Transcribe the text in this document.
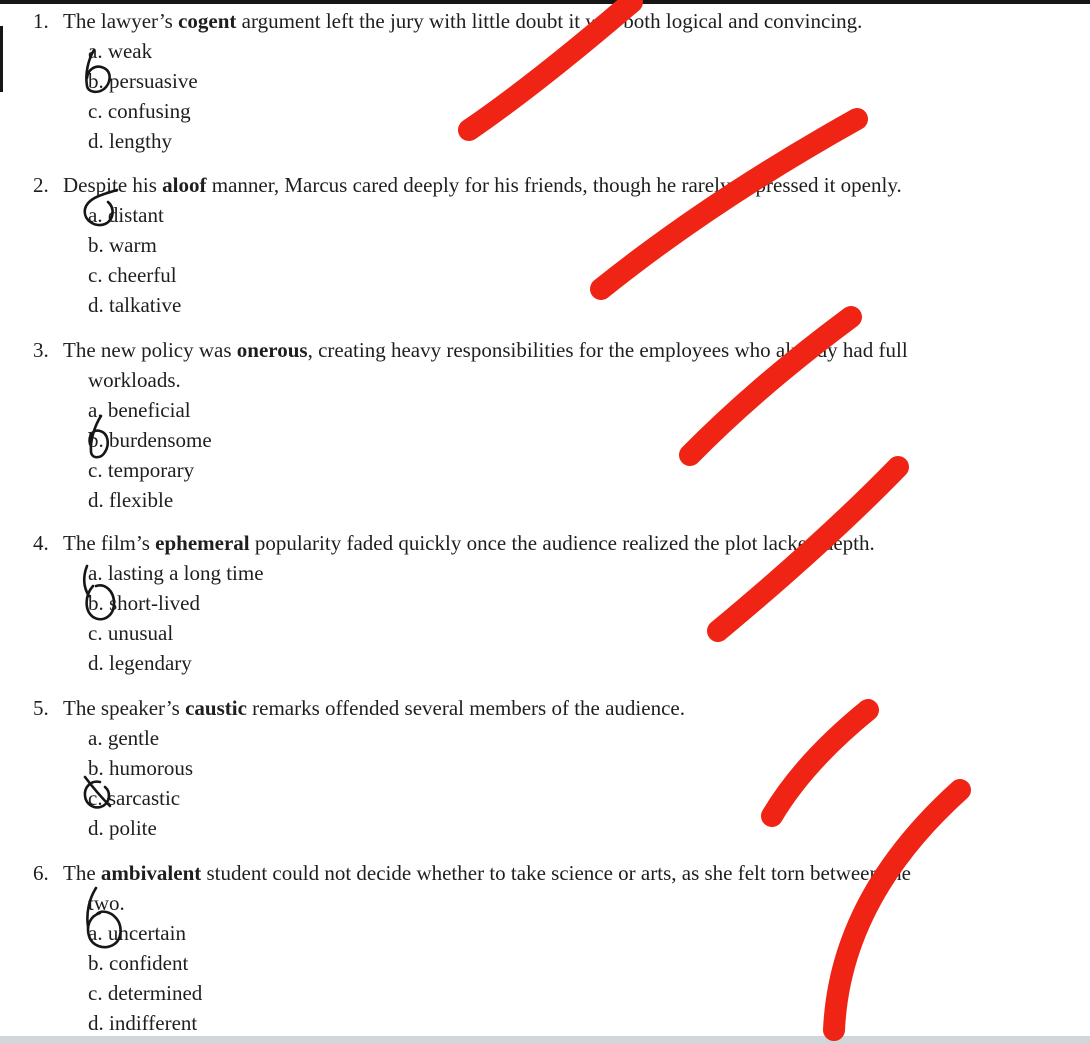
1. The lawyer’s cogent argument left the jury with little doubt it was both logical and convincing.
a. weak
b. persuasive
c. confusing
d. lengthy
2. Despite his aloof manner, Marcus cared deeply for his friends, though he rarely expressed it openly.
a. distant
b. warm
c. cheerful
d. talkative
3. The new policy was onerous, creating heavy responsibilities for the employees who already had full
workloads.
a. beneficial
b. burdensome
c. temporary
d. flexible
4. The film’s ephemeral popularity faded quickly once the audience realized the plot lacked depth.
a. lasting a long time
b. short-lived
c. unusual
d. legendary
5. The speaker’s caustic remarks offended several members of the audience.
a. gentle
b. humorous
c. sarcastic
d. polite
6. The ambivalent student could not decide whether to take science or arts, as she felt torn between the
two.
a. uncertain
b. confident
c. determined
d. indifferent
